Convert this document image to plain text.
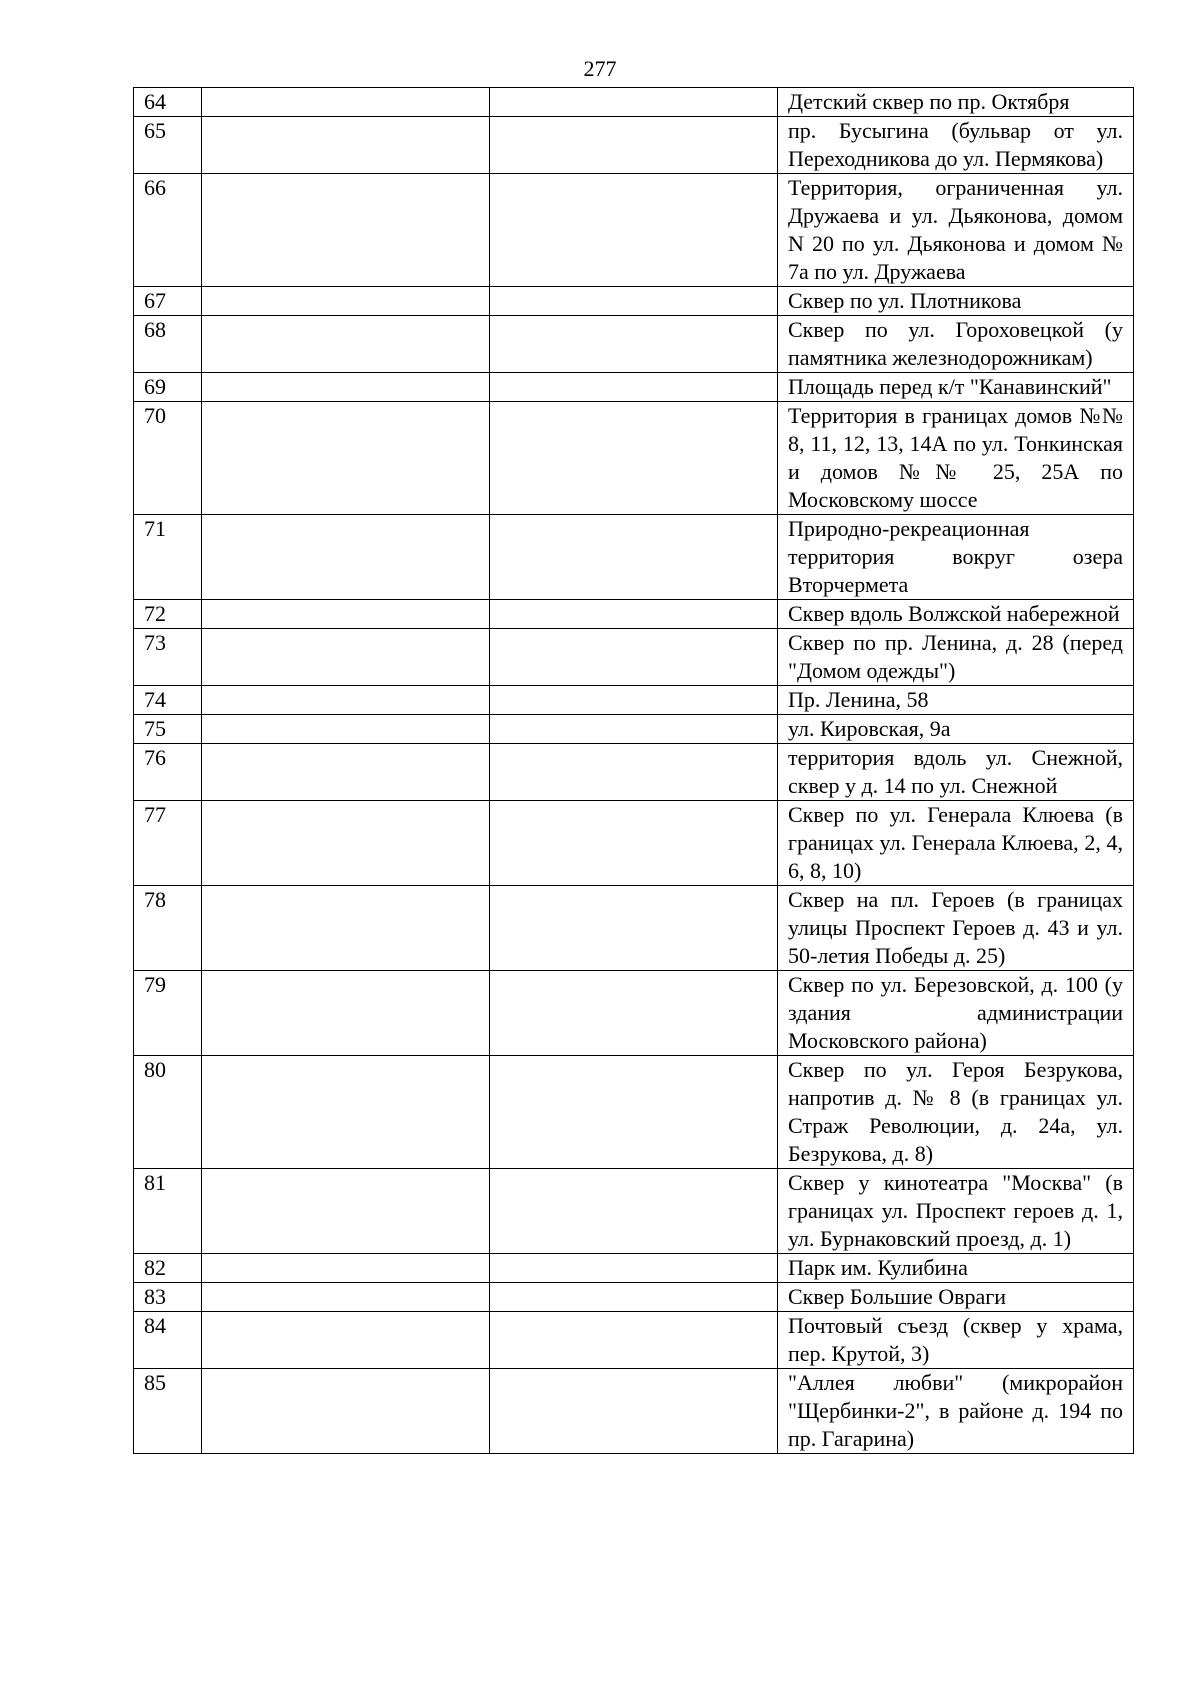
277
64			Детский сквер по пр. Октября
65			пр. Бусыгина (бульвар от ул. Переходникова до ул. Пермякова)
66			Территория, ограниченная ул. Дружаева и ул. Дьяконова, домом N 20 по ул. Дьяконова и домом № 7а по ул. Дружаева
67			Сквер по ул. Плотникова
68			Сквер по ул. Гороховецкой (у памятника железнодорожникам)
69			Площадь перед к/т "Канавинский"
70			Территория в границах домов №№ 8, 11, 12, 13, 14А по ул. Тонкинская и домов №№ 25, 25А по Московскому шоссе
71			Природно-рекреационная территория вокруг озера Вторчермета
72			Сквер вдоль Волжской набережной
73			Сквер по пр. Ленина, д. 28 (перед "Домом одежды")
74			Пр. Ленина, 58
75			ул. Кировская, 9а
76			территория вдоль ул. Снежной, сквер у д. 14 по ул. Снежной
77			Сквер по ул. Генерала Клюева (в границах ул. Генерала Клюева, 2, 4, 6, 8, 10)
78			Сквер на пл. Героев (в границах улицы Проспект Героев д. 43 и ул. 50-летия Победы д. 25)
79			Сквер по ул. Березовской, д. 100 (у здания администрации Московского района)
80			Сквер по ул. Героя Безрукова, напротив д. № 8 (в границах ул. Страж Революции, д. 24а, ул. Безрукова, д. 8)
81			Сквер у кинотеатра "Москва" (в границах ул. Проспект героев д. 1, ул. Бурнаковский проезд, д. 1)
82			Парк им. Кулибина
83			Сквер Большие Овраги
84			Почтовый съезд (сквер у храма, пер. Крутой, 3)
85			"Аллея любви" (микрорайон "Щербинки-2", в районе д. 194 по пр. Гагарина)
